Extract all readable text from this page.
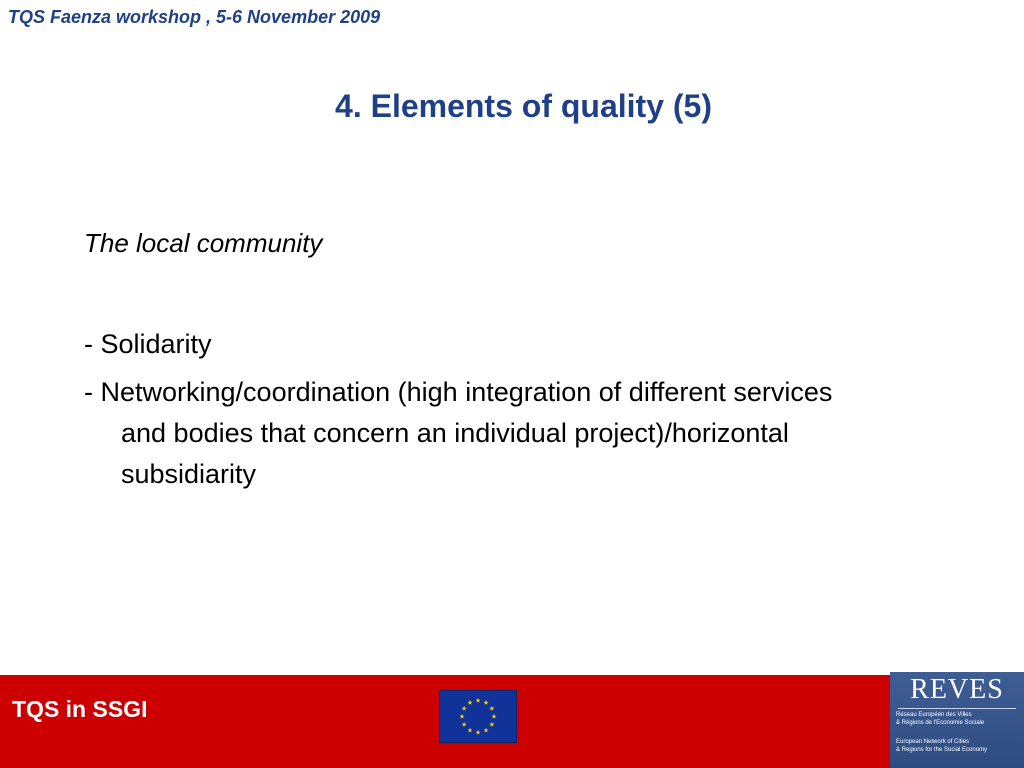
TQS Faenza workshop , 5-6 November 2009
4. Elements of quality (5)
The local community
- Solidarity
- Networking/coordination (high integration of different services and bodies that concern an individual project)/horizontal subsidiarity
TQS in SSGI
REVES
Réseau Européen des Villes
& Régions de l'Economie Sociale
European Network of Cities
& Regions for the Social Economy
